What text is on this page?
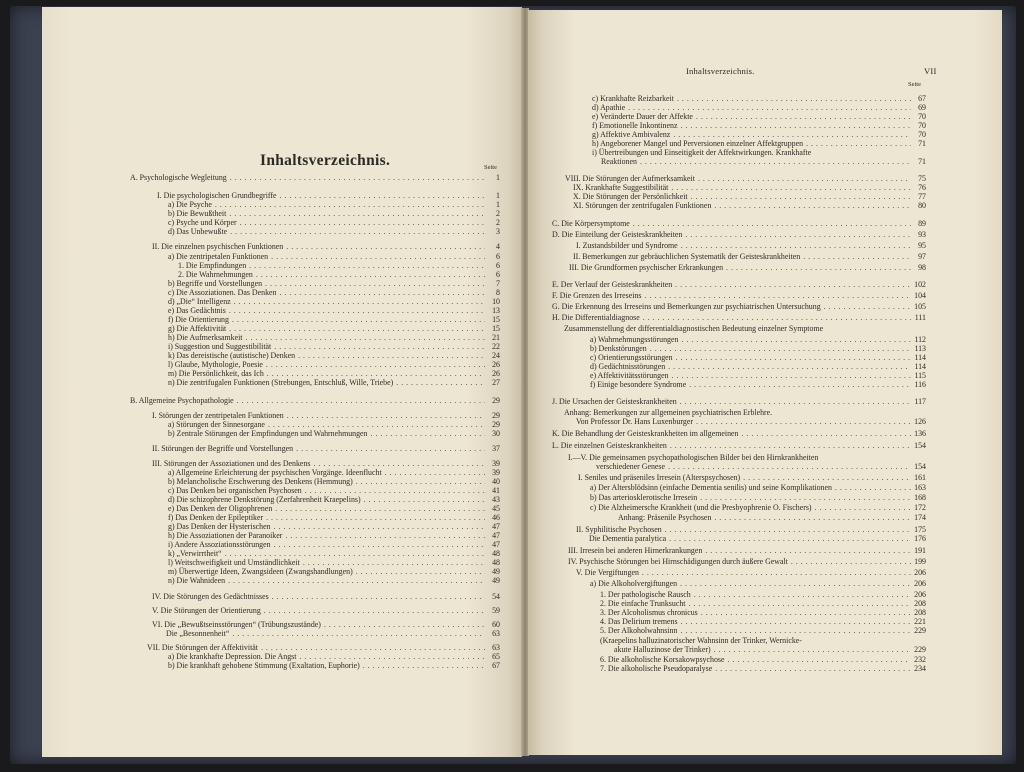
Inhaltsverzeichnis.	Seite
A. Psychologische Wegleitung . . .	1
I. Die psychologischen Grundbegriffe . . .	1
a) Die Psyche . . .	1
b) Die Bewußtheit . . .	2
c) Psyche und Körper . . .	2
d) Das Unbewußte . . .	3
II. Die einzelnen psychischen Funktionen . . .	4
a) Die zentripetalen Funktionen . . .	6
1. Die Empfindungen . . .	6
2. Die Wahrnehmungen . . .	6
b) Begriffe und Vorstellungen . . .	7
c) Die Assoziationen. Das Denken . . .	8
d) „Die“ Intelligenz . . .	10
e) Das Gedächtnis . . .	13
f) Die Orientierung . . .	15
g) Die Affektivität . . .	15
h) Die Aufmerksamkeit . . .	21
i) Suggestion und Suggestibilität . . .	22
k) Das dereistische (autistische) Denken . . .	24
l) Glaube, Mythologie, Poesie . . .	26
m) Die Persönlichkeit, das Ich . . .	26
n) Die zentrifugalen Funktionen (Strebungen, Entschluß, Wille, Triebe) . . .	27
B. Allgemeine Psychopathologie . . .	29
I. Störungen der zentripetalen Funktionen . . .	29
a) Störungen der Sinnesorgane . . .	29
b) Zentrale Störungen der Empfindungen und Wahrnehmungen . . .	30
II. Störungen der Begriffe und Vorstellungen . . .	37
III. Störungen der Assoziationen und des Denkens . . .	39
a) Allgemeine Erleichterung der psychischen Vorgänge. Ideenflucht . . .	39
b) Melancholische Erschwerung des Denkens (Hemmung) . . .	40
c) Das Denken bei organischen Psychosen . . .	41
d) Die schizophrene Denkstörung (Zerfahrenheit Kraepelins) . . .	43
e) Das Denken der Oligophrenen . . .	45
f) Das Denken der Epileptiker . . .	46
g) Das Denken der Hysterischen . . .	47
h) Die Assoziationen der Paranoiker . . .	47
i) Andere Assoziationsstörungen . . .	47
k) „Verwirrtheit“ . . .	48
l) Weitschweifigkeit und Umständlichkeit . . .	48
m) Überwertige Ideen, Zwangsideen (Zwangshandlungen) . . .	49
n) Die Wahnideen . . .	49
IV. Die Störungen des Gedächtnisses . . .	54
V. Die Störungen der Orientierung . . .	59
VI. Die „Bewußtseinsstörungen“ (Trübungszustände) . . .	60
Die „Besonnenheit“ . . .	63
VII. Die Störungen der Affektivität . . .	63
a) Die krankhafte Depression. Die Angst . . .	65
b) Die krankhaft gehobene Stimmung (Exaltation, Euphorie) . . .	67
Inhaltsverzeichnis.	VII
Seite
c) Krankhafte Reizbarkeit . . .	67
d) Apathie . . .	69
e) Veränderte Dauer der Affekte . . .	70
f) Emotionelle Inkontinenz . . .	70
g) Affektive Ambivalenz . . .	70
h) Angeborener Mangel und Perversionen einzelner Affektgruppen . . .	71
i) Übertreibungen und Einseitigkeit der Affektwirkungen. Krankhafte
Reaktionen . . .	71
VIII. Die Störungen der Aufmerksamkeit . . .	75
IX. Krankhafte Suggestibilität . . .	76
X. Die Störungen der Persönlichkeit . . .	77
XI. Störungen der zentrifugalen Funktionen . . .	80
C. Die Körpersymptome . . .	89
D. Die Einteilung der Geisteskrankheiten . . .	93
I. Zustandsbilder und Syndrome . . .	95
II. Bemerkungen zur gebräuchlichen Systematik der Geisteskrankheiten . . .	97
III. Die Grundformen psychischer Erkrankungen . . .	98
E. Der Verlauf der Geisteskrankheiten . . .	102
F. Die Grenzen des Irreseins . . .	104
G. Die Erkennung des Irreseins und Bemerkungen zur psychiatrischen Untersuchung . . .	105
H. Die Differentialdiagnose . . .	111
Zusammenstellung der differentialdiagnostischen Bedeutung einzelner Symptome
a) Wahrnehmungsstörungen . . .	112
b) Denkstörungen . . .	113
c) Orientierungsstörungen . . .	114
d) Gedächtnisstörungen . . .	114
e) Affektivitätsstörungen . . .	115
f) Einige besondere Syndrome . . .	116
J. Die Ursachen der Geisteskrankheiten . . .	117
Anhang: Bemerkungen zur allgemeinen psychiatrischen Erblehre.
Von Professor Dr. Hans Luxenburger . . .	126
K. Die Behandlung der Geisteskrankheiten im allgemeinen . . .	136
L. Die einzelnen Geisteskrankheiten . . .	154
I.—V. Die gemeinsamen psychopathologischen Bilder bei den Hirnkrankheiten
verschiedener Genese . . .	154
I. Seniles und präseniles Irresein (Alterspsychosen) . . .	161
a) Der Altersblödsinn (einfache Dementia senilis) und seine Komplikationen . . .	163
b) Das arteriosklerotische Irresein . . .	168
c) Die Alzheimersche Krankheit (und die Presbyophrenie O. Fischers) . . .	172
Anhang: Präsenile Psychosen . . .	174
II. Syphilitische Psychosen . . .	175
Die Dementia paralytica . . .	176
III. Irresein bei anderen Hirnerkrankungen . . .	191
IV. Psychische Störungen bei Hirnschädigungen durch äußere Gewalt . . .	199
V. Die Vergiftungen . . .	206
a) Die Alkoholvergiftungen . . .	206
1. Der pathologische Rausch . . .	206
2. Die einfache Trunksucht . . .	208
3. Der Alcoholismus chronicus . . .	208
4. Das Delirium tremens . . .	221
5. Der Alkoholwahnsinn . . .	229
(Kraepelins halluzinatorischer Wahnsinn der Trinker, Wernicke-
akute Halluzinose der Trinker) . . .	229
6. Die alkoholische Korsakowpsychose . . .	232
7. Die alkoholische Pseudoparalyse . . .	234
